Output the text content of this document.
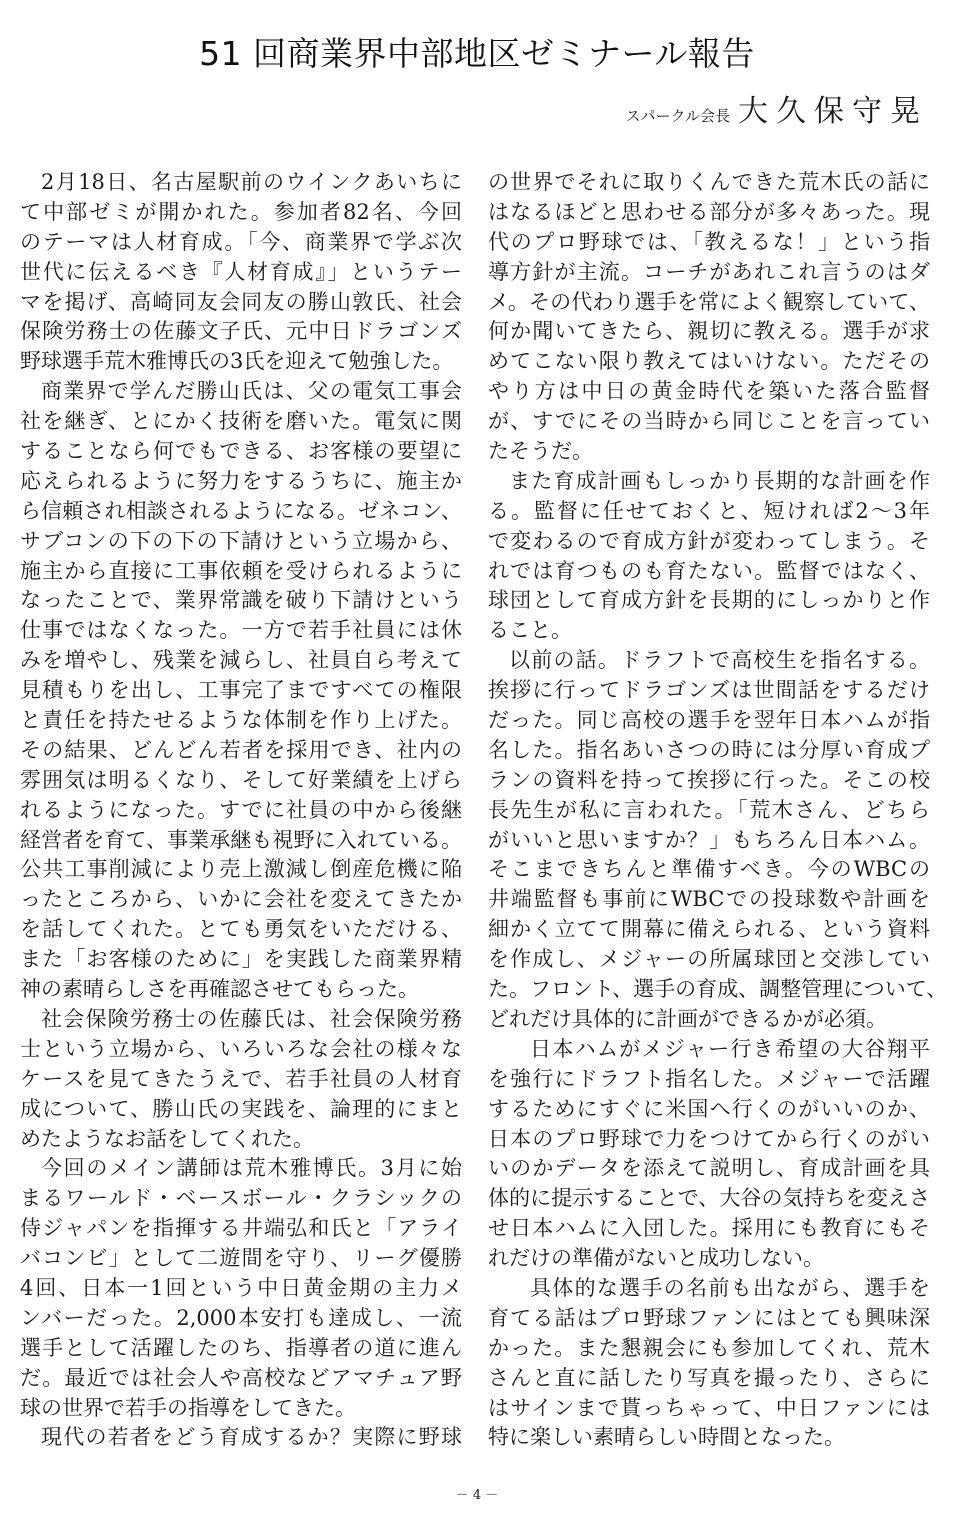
51 回商業界中部地区ゼミナール報告
スパークル会長 大久保守晃
2月18日、名古屋駅前のウインクあいちに
て中部ゼミが開かれた。参加者82名、今回
のテーマは人材育成。「今、商業界で学ぶ次
世代に伝えるべき『人材育成』」というテー
マを掲げ、高崎同友会同友の勝山敦氏、社会
保険労務士の佐藤文子氏、元中日ドラゴンズ
野球選手荒木雅博氏の3氏を迎えて勉強した。
商業界で学んだ勝山氏は、父の電気工事会
社を継ぎ、とにかく技術を磨いた。電気に関
することなら何でもできる、お客様の要望に
応えられるように努力をするうちに、施主か
ら信頼され相談されるようになる。ゼネコン、
サブコンの下の下の下請けという立場から、
施主から直接に工事依頼を受けられるように
なったことで、業界常識を破り下請けという
仕事ではなくなった。一方で若手社員には休
みを増やし、残業を減らし、社員自ら考えて
見積もりを出し、工事完了まですべての権限
と責任を持たせるような体制を作り上げた。
その結果、どんどん若者を採用でき、社内の
雰囲気は明るくなり、そして好業績を上げら
れるようになった。すでに社員の中から後継
経営者を育て、事業承継も視野に入れている。
公共工事削減により売上激減し倒産危機に陥
ったところから、いかに会社を変えてきたか
を話してくれた。とても勇気をいただける、
また「お客様のために」を実践した商業界精
神の素晴らしさを再確認させてもらった。
社会保険労務士の佐藤氏は、社会保険労務
士という立場から、いろいろな会社の様々な
ケースを見てきたうえで、若手社員の人材育
成について、勝山氏の実践を、論理的にまと
めたようなお話をしてくれた。
今回のメイン講師は荒木雅博氏。3月に始
まるワールド・ベースボール・クラシックの
侍ジャパンを指揮する井端弘和氏と「アライ
バコンビ」として二遊間を守り、リーグ優勝
4回、日本一1回という中日黄金期の主力メ
ンバーだった。2,000本安打も達成し、一流
選手として活躍したのち、指導者の道に進ん
だ。最近では社会人や高校などアマチュア野
球の世界で若手の指導をしてきた。
現代の若者をどう育成するか？実際に野球
の世界でそれに取りくんできた荒木氏の話に
はなるほどと思わせる部分が多々あった。現
代のプロ野球では、「教えるな！」という指
導方針が主流。コーチがあれこれ言うのはダ
メ。その代わり選手を常によく観察していて、
何か聞いてきたら、親切に教える。選手が求
めてこない限り教えてはいけない。ただその
やり方は中日の黄金時代を築いた落合監督
が、すでにその当時から同じことを言ってい
たそうだ。
また育成計画もしっかり長期的な計画を作
る。監督に任せておくと、短ければ2～3年
で変わるので育成方針が変わってしまう。そ
れでは育つものも育たない。監督ではなく、
球団として育成方針を長期的にしっかりと作
ること。
以前の話。ドラフトで高校生を指名する。
挨拶に行ってドラゴンズは世間話をするだけ
だった。同じ高校の選手を翌年日本ハムが指
名した。指名あいさつの時には分厚い育成プ
ランの資料を持って挨拶に行った。そこの校
長先生が私に言われた。「荒木さん、どちら
がいいと思いますか？」もちろん日本ハム。
そこまできちんと準備すべき。今のWBCの
井端監督も事前にWBCでの投球数や計画を
細かく立てて開幕に備えられる、という資料
を作成し、メジャーの所属球団と交渉してい
た。フロント、選手の育成、調整管理について、
どれだけ具体的に計画ができるかが必須。
日本ハムがメジャー行き希望の大谷翔平
を強行にドラフト指名した。メジャーで活躍
するためにすぐに米国へ行くのがいいのか、
日本のプロ野球で力をつけてから行くのがい
いのかデータを添えて説明し、育成計画を具
体的に提示することで、大谷の気持ちを変えさ
せ日本ハムに入団した。採用にも教育にもそ
れだけの準備がないと成功しない。
具体的な選手の名前も出ながら、選手を
育てる話はプロ野球ファンにはとても興味深
かった。また懇親会にも参加してくれ、荒木
さんと直に話したり写真を撮ったり、さらに
はサインまで貰っちゃって、中日ファンには
特に楽しい素晴らしい時間となった。
－ 4 －
